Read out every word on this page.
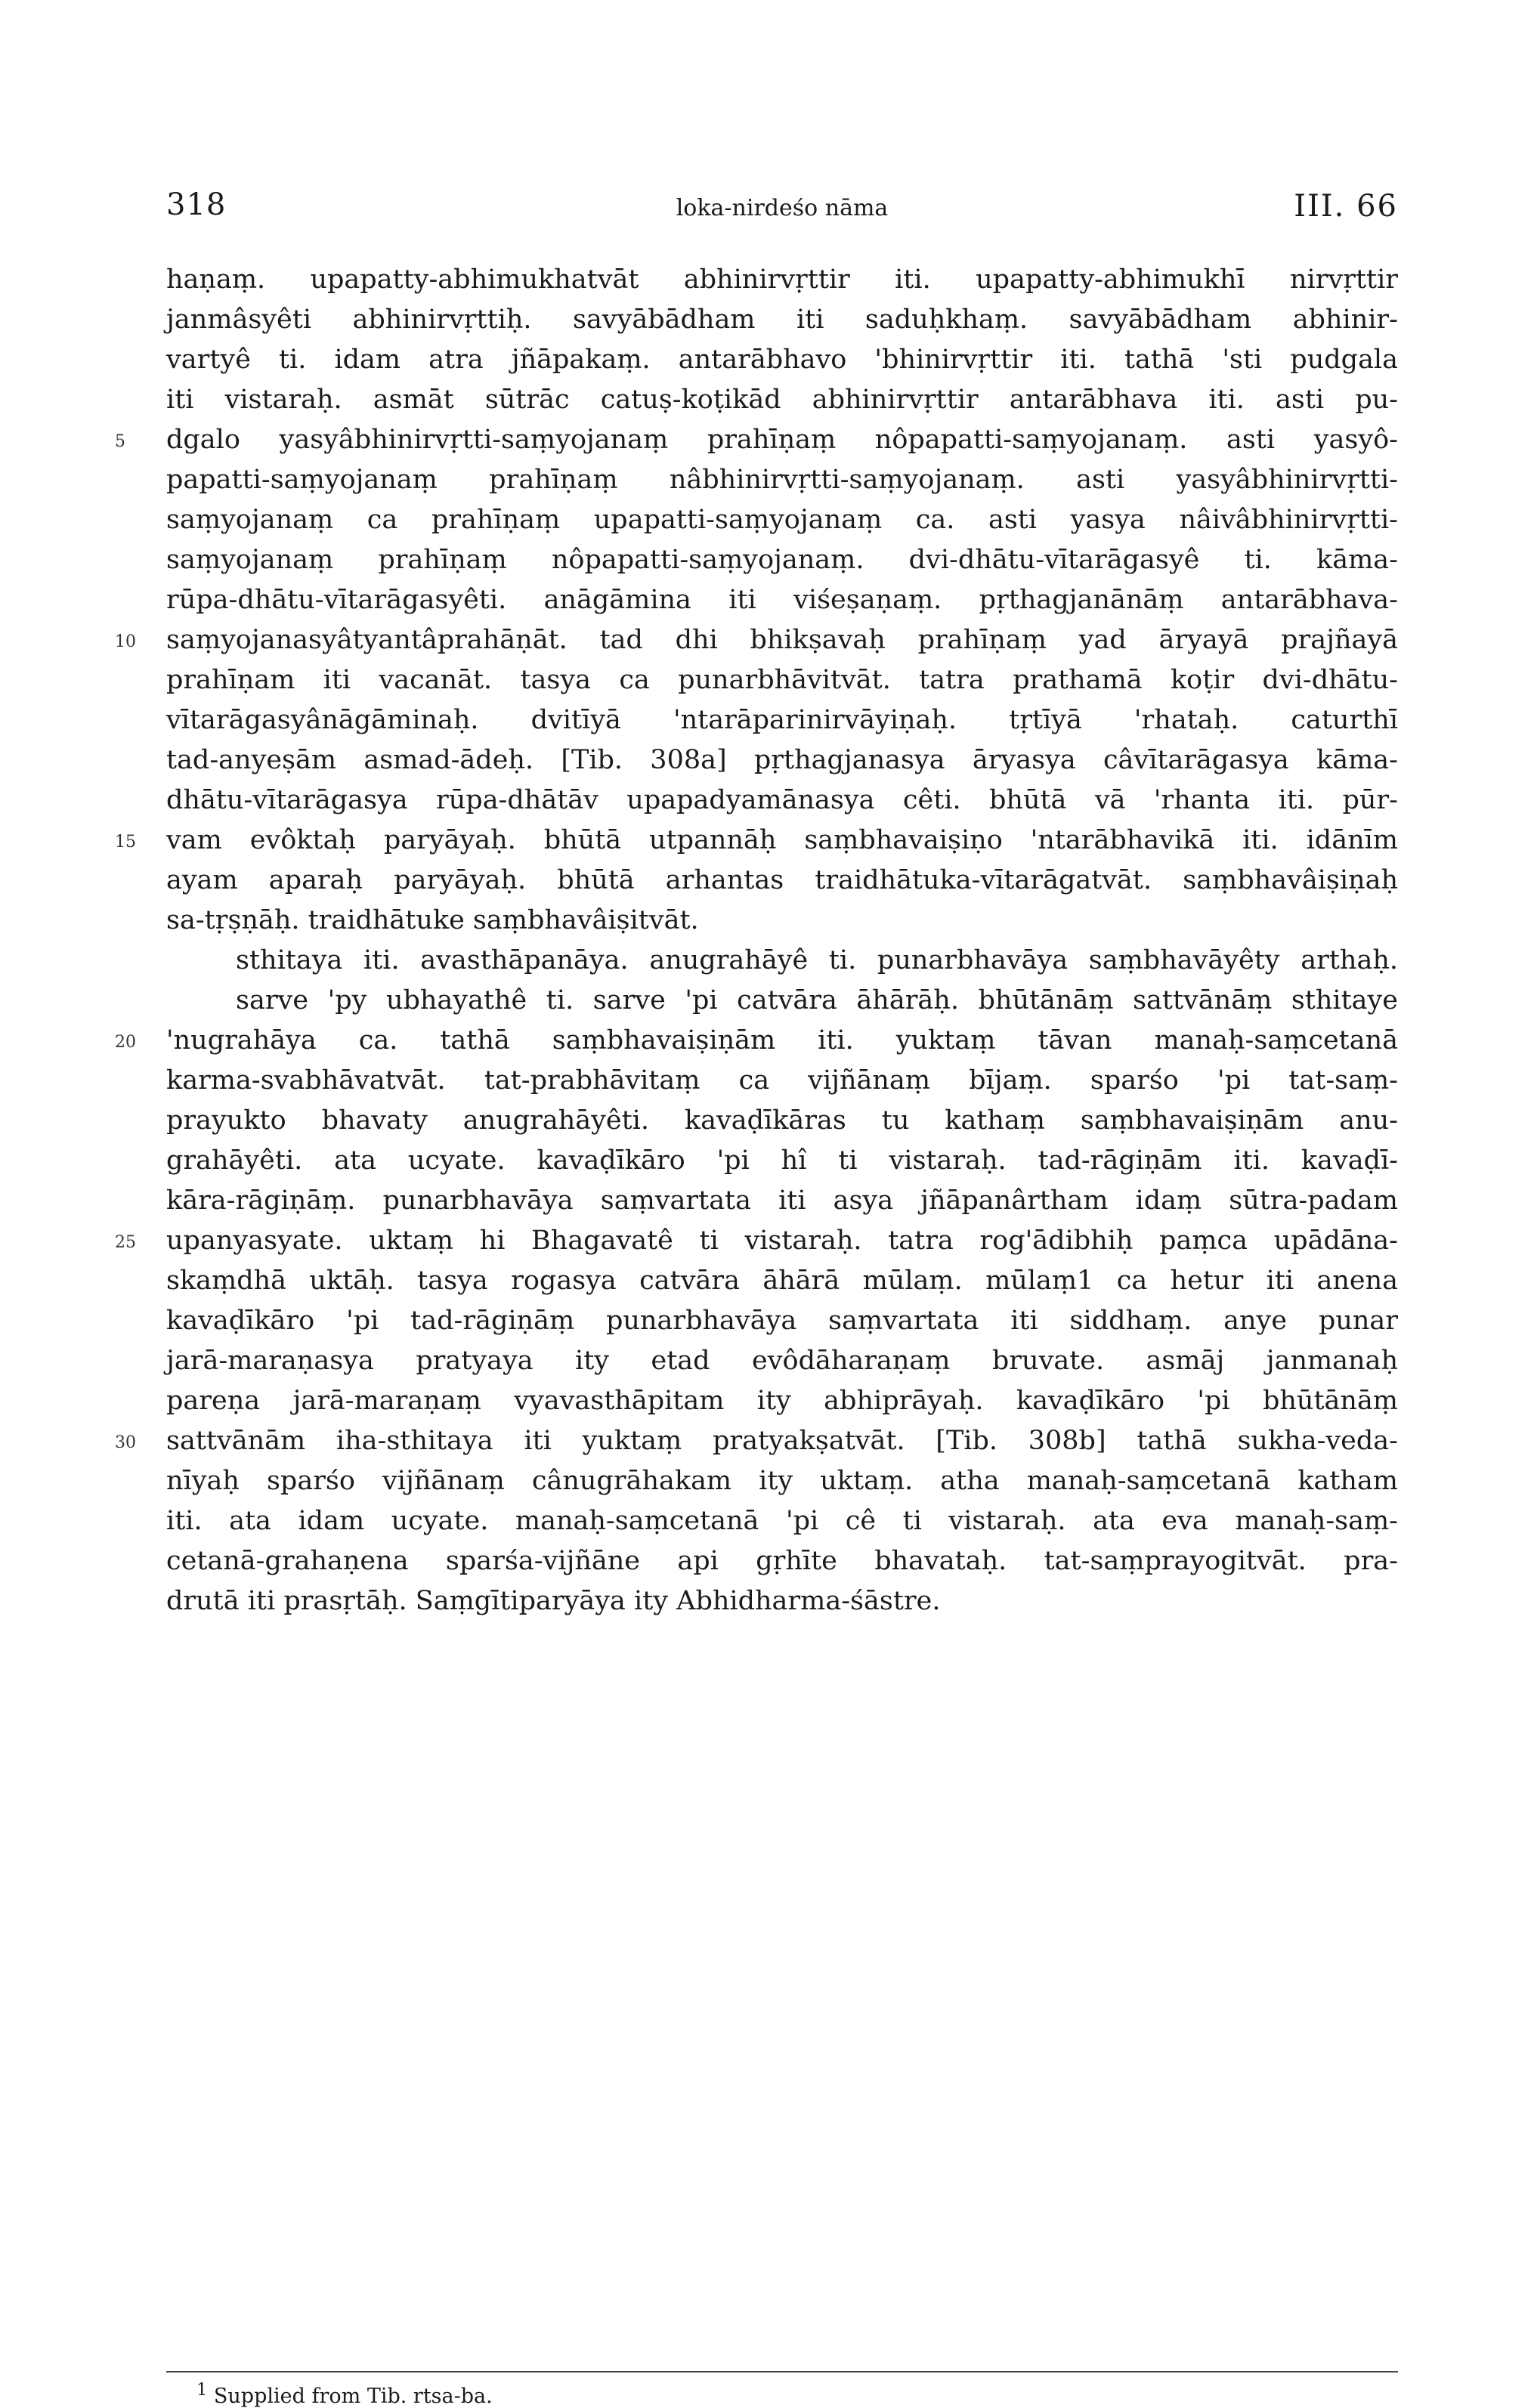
318	loka-nirdeśo nāma	III. 66
haṇaṃ. upapatty-abhimukhatvāt abhinirvṛttir iti. upapatty-abhimukhī nirvṛttir
janmâsyêti abhinirvṛttiḥ. savyābādham iti saduḥkhaṃ. savyābādham abhinir-
vartyê ti. idam atra jñāpakaṃ. antarābhavo 'bhinirvṛttir iti. tathā 'sti pudgala
iti vistaraḥ. asmāt sūtrāc catuṣ-koṭikād abhinirvṛttir antarābhava iti. asti pu-
5 dgalo yasyâbhinirvṛtti-saṃyojanaṃ prahīṇaṃ nôpapatti-saṃyojanaṃ. asti yasyô-
papatti-saṃyojanaṃ prahīṇaṃ nâbhinirvṛtti-saṃyojanaṃ. asti yasyâbhinirvṛtti-
saṃyojanaṃ ca prahīṇaṃ upapatti-saṃyojanaṃ ca. asti yasya nâivâbhinirvṛtti-
saṃyojanaṃ prahīṇaṃ nôpapatti-saṃyojanaṃ. dvi-dhātu-vītarāgasyê ti. kāma-
rūpa-dhātu-vītarāgasyêti. anāgāmina iti viśeṣaṇaṃ. pṛthagjanānāṃ antarābhava-
10 saṃyojanasyâtyantâprahāṇāt. tad dhi bhikṣavaḥ prahīṇaṃ yad āryayā prajñayā
prahīṇam iti vacanāt. tasya ca punarbhāvitvāt. tatra prathamā koṭir dvi-dhātu-
vītarāgasyânāgāminaḥ. dvitīyā 'ntarāparinirvāyiṇaḥ. tṛtīyā 'rhataḥ. caturthī
tad-anyeṣām asmad-ādeḥ. [Tib. 308a] pṛthagjanasya āryasya câvītarāgasya kāma-
dhātu-vītarāgasya rūpa-dhātāv upapadyamānasya cêti. bhūtā vā 'rhanta iti. pūr-
15 vam evôktaḥ paryāyaḥ. bhūtā utpannāḥ saṃbhavaiṣiṇo 'ntarābhavikā iti. idānīm
ayam aparaḥ paryāyaḥ. bhūtā arhantas traidhātuka-vītarāgatvāt. saṃbhavâiṣiṇaḥ
sa-tṛṣṇāḥ. traidhātuke saṃbhavâiṣitvāt.
sthitaya iti. avasthāpanāya. anugrahāyê ti. punarbhavāya saṃbhavāyêty arthaḥ.
sarve 'py ubhayathê ti. sarve 'pi catvāra āhārāḥ. bhūtānāṃ sattvānāṃ sthitaye
20 'nugrahāya ca. tathā saṃbhavaiṣiṇām iti. yuktaṃ tāvan manaḥ-saṃcetanā
karma-svabhāvatvāt. tat-prabhāvitaṃ ca vijñānaṃ bījaṃ. sparśo 'pi tat-saṃ-
prayukto bhavaty anugrahāyêti. kavaḍīkāras tu kathaṃ saṃbhavaiṣiṇām anu-
grahāyêti. ata ucyate. kavaḍīkāro 'pi hî ti vistaraḥ. tad-rāgiṇām iti. kavaḍī-
kāra-rāgiṇāṃ. punarbhavāya saṃvartata iti asya jñāpanârtham idaṃ sūtra-padam
25 upanyasyate. uktaṃ hi Bhagavatê ti vistaraḥ. tatra rog'ādibhiḥ paṃca upādāna-
skaṃdhā uktāḥ. tasya rogasya catvāra āhārā mūlaṃ. mūlaṃ1 ca hetur iti anena
kavaḍīkāro 'pi tad-rāgiṇāṃ punarbhavāya saṃvartata iti siddhaṃ. anye punar
jarā-maraṇasya pratyaya ity etad evôdāharaṇaṃ bruvate. asmāj janmanaḥ
pareṇa jarā-maraṇaṃ vyavasthāpitam ity abhiprāyaḥ. kavaḍīkāro 'pi bhūtānāṃ
30 sattvānām iha-sthitaya iti yuktaṃ pratyakṣatvāt. [Tib. 308b] tathā sukha-veda-
nīyaḥ sparśo vijñānaṃ cânugrāhakam ity uktaṃ. atha manaḥ-saṃcetanā katham
iti. ata idam ucyate. manaḥ-saṃcetanā 'pi cê ti vistaraḥ. ata eva manaḥ-saṃ-
cetanā-grahaṇena sparśa-vijñāne api gṛhīte bhavataḥ. tat-saṃprayogitvāt. pra-
drutā iti prasṛtāḥ. Saṃgītiparyāya ity Abhidharma-śāstre.
$^1$ Supplied from Tib. rtsa-ba.
